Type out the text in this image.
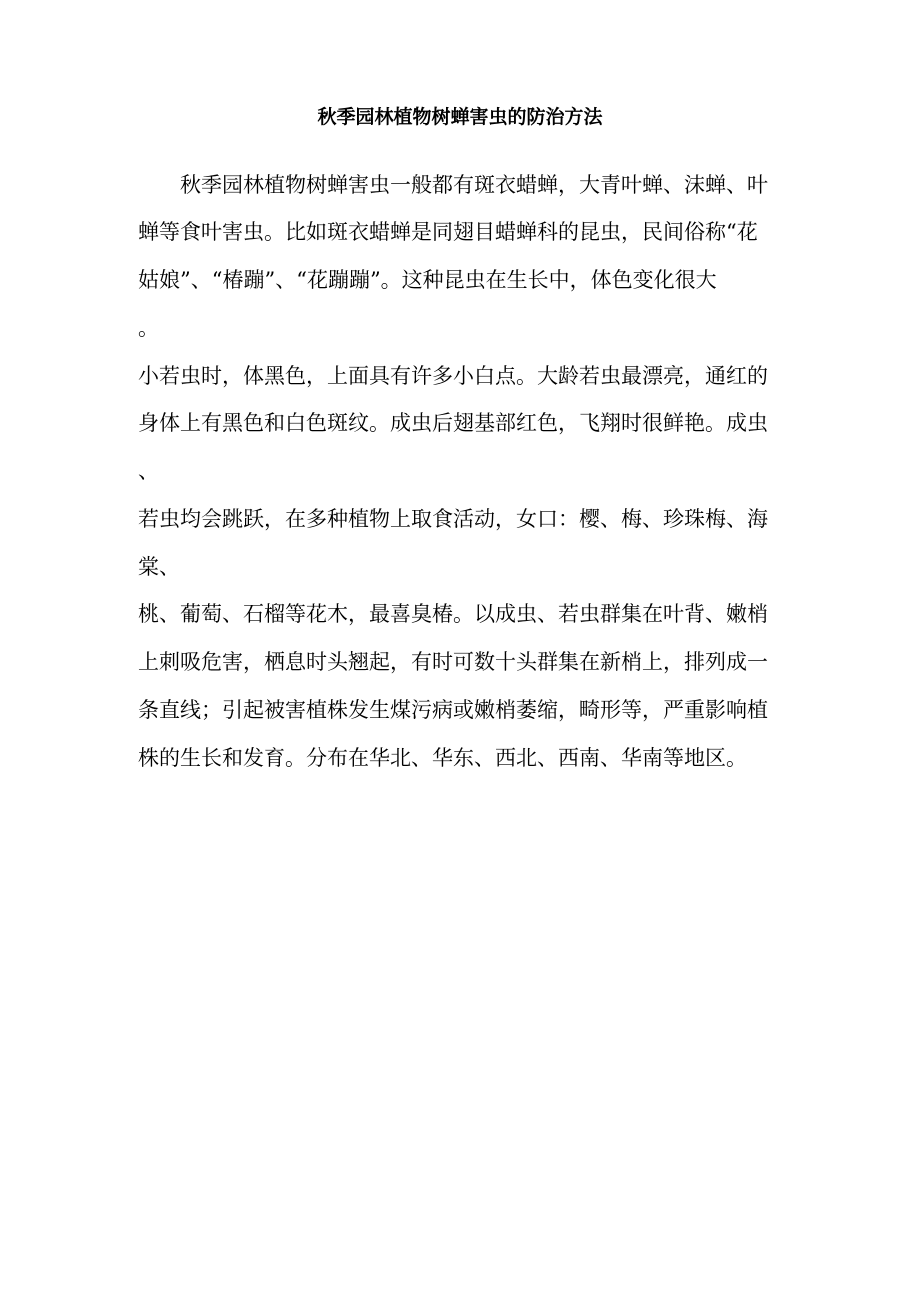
秋季园林植物树蝉害虫的防治方法
秋季园林植物树蝉害虫一般都有斑衣蜡蝉，大青叶蝉、沫蝉、叶
蝉等食叶害虫。比如斑衣蜡蝉是同翅目蜡蝉科的昆虫，民间俗称“花
姑娘”、“椿蹦”、“花蹦蹦”。这种昆虫在生长中，体色变化很大
。
小若虫时，体黑色，上面具有许多小白点。大龄若虫最漂亮，通红的
身体上有黑色和白色斑纹。成虫后翅基部红色，飞翔时很鲜艳。成虫
、
若虫均会跳跃，在多种植物上取食活动，女口：樱、梅、珍珠梅、海
棠、
桃、葡萄、石榴等花木，最喜臭椿。以成虫、若虫群集在叶背、嫩梢
上刺吸危害，栖息时头翘起，有时可数十头群集在新梢上，排列成一
条直线；引起被害植株发生煤污病或嫩梢萎缩，畸形等，严重影响植
株的生长和发育。分布在华北、华东、西北、西南、华南等地区。
